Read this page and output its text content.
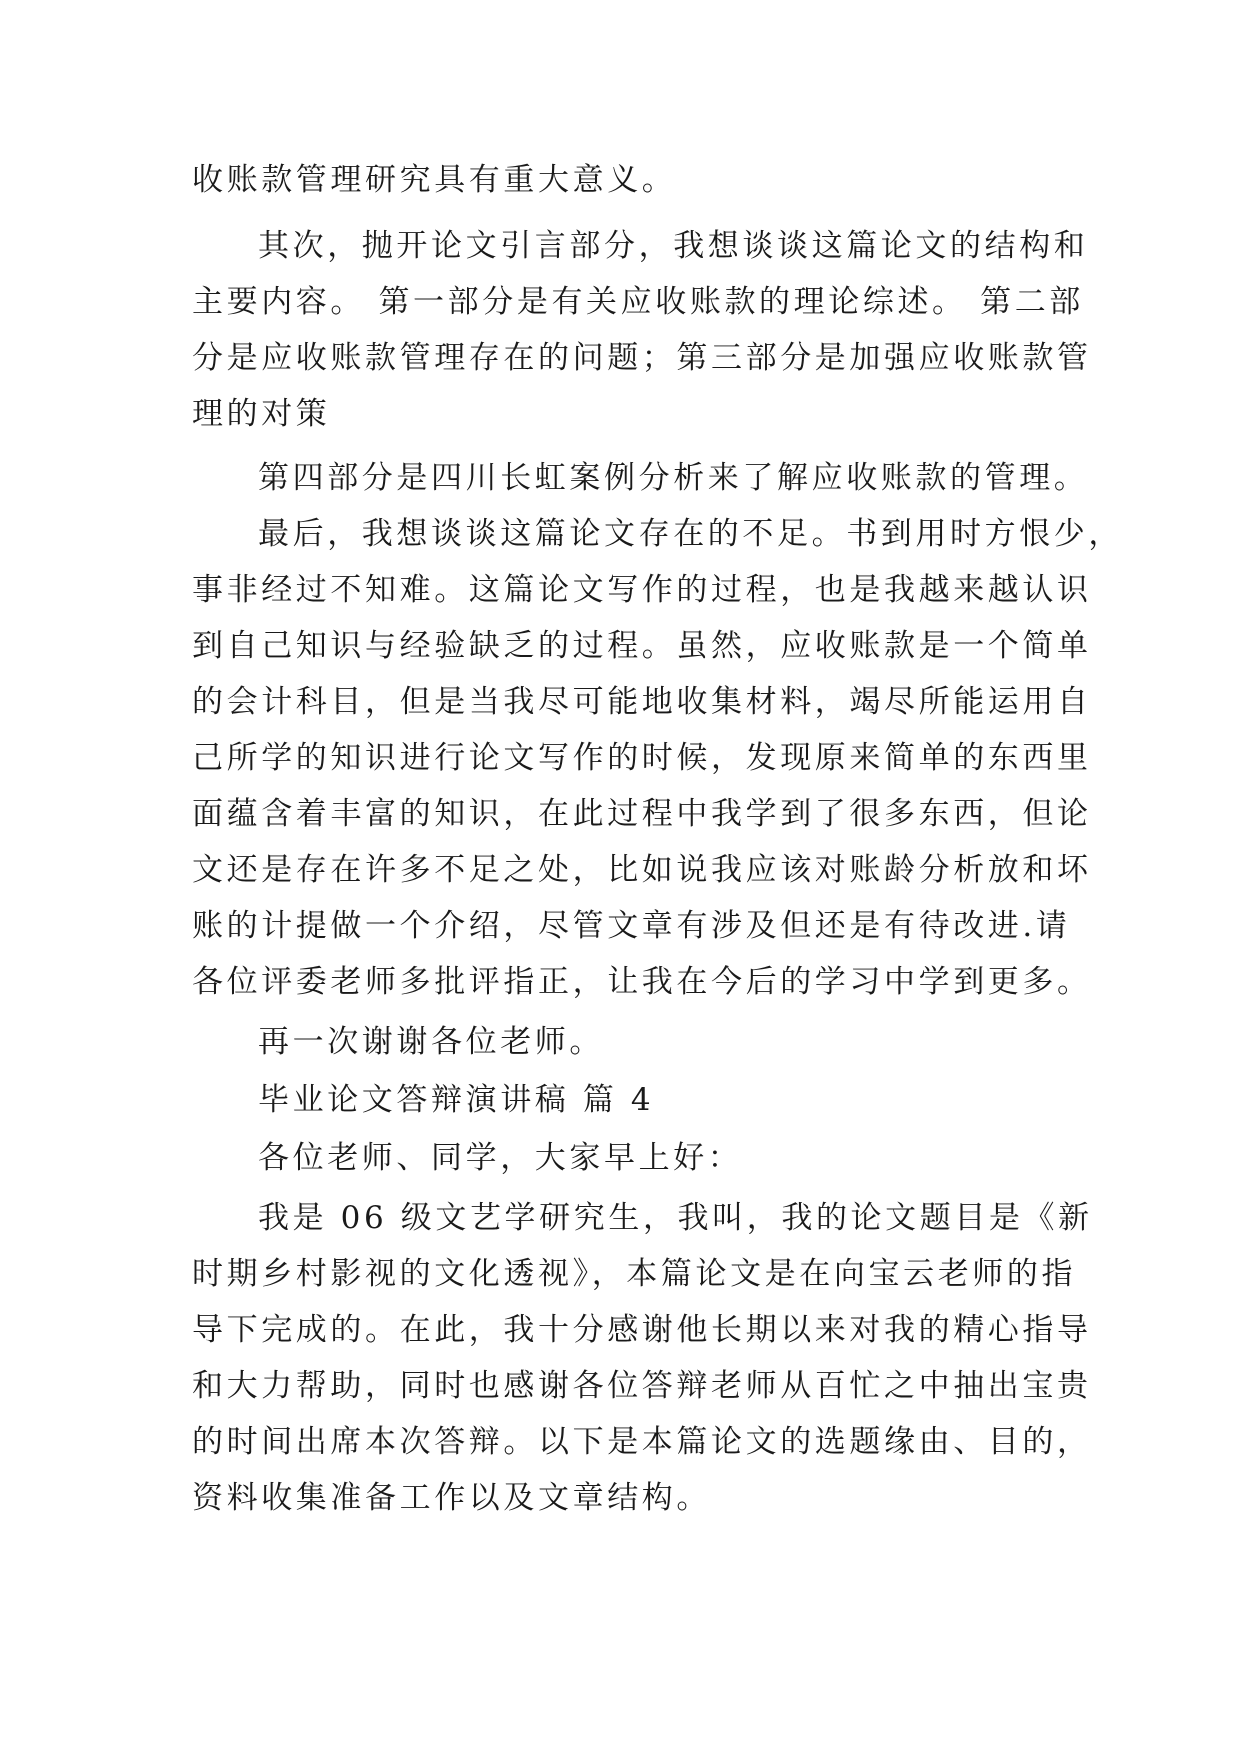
收账款管理研究具有重大意义。
其次，抛开论文引言部分，我想谈谈这篇论文的结构和
主要内容。 第一部分是有关应收账款的理论综述。 第二部
分是应收账款管理存在的问题；第三部分是加强应收账款管
理的对策
第四部分是四川长虹案例分析来了解应收账款的管理。
最后，我想谈谈这篇论文存在的不足。书到用时方恨少，
事非经过不知难。这篇论文写作的过程，也是我越来越认识
到自己知识与经验缺乏的过程。虽然，应收账款是一个简单
的会计科目，但是当我尽可能地收集材料，竭尽所能运用自
己所学的知识进行论文写作的时候，发现原来简单的东西里
面蕴含着丰富的知识，在此过程中我学到了很多东西，但论
文还是存在许多不足之处，比如说我应该对账龄分析放和坏
账的计提做一个介绍，尽管文章有涉及但还是有待改进.请
各位评委老师多批评指正，让我在今后的学习中学到更多。
再一次谢谢各位老师。
毕业论文答辩演讲稿 篇 4
各位老师、同学，大家早上好：
我是 06 级文艺学研究生，我叫，我的论文题目是《新
时期乡村影视的文化透视》，本篇论文是在向宝云老师的指
导下完成的。在此，我十分感谢他长期以来对我的精心指导
和大力帮助，同时也感谢各位答辩老师从百忙之中抽出宝贵
的时间出席本次答辩。以下是本篇论文的选题缘由、目的，
资料收集准备工作以及文章结构。
